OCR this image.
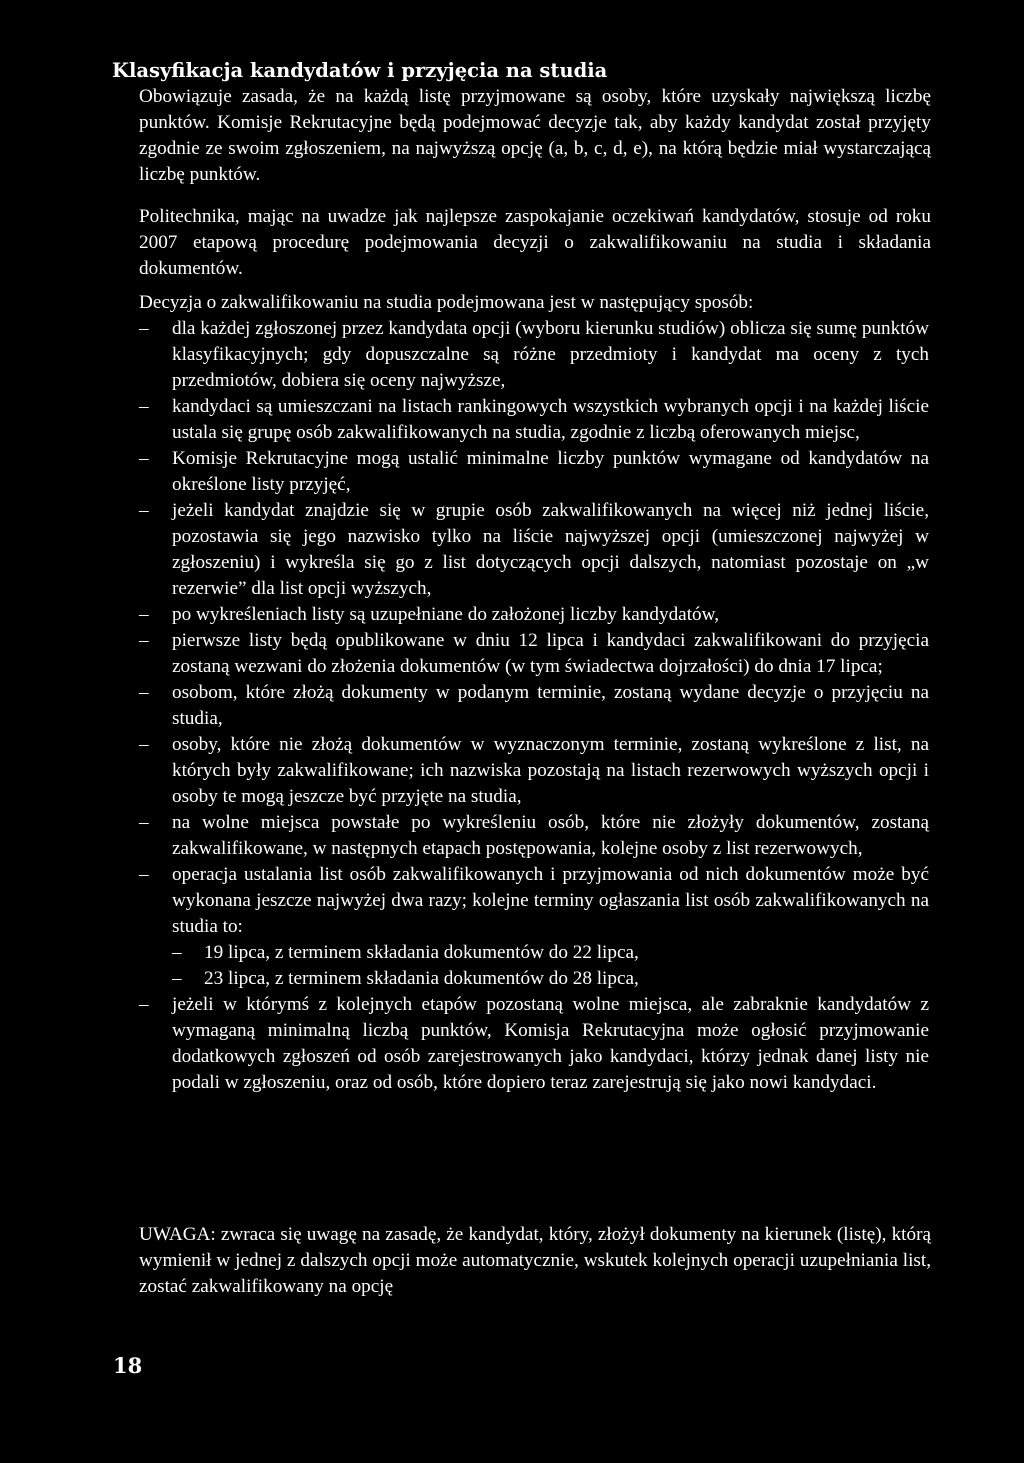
Klasyfikacja kandydatów i przyjęcia na studia

Obowiązuje zasada, że na każdą listę przyjmowane są osoby, które uzyskały największą liczbę punktów. Komisje Rekrutacyjne będą podejmować decyzje tak, aby każdy kandydat został przyjęty zgodnie ze swoim zgłoszeniem, na najwyższą opcję (a, b, c, d, e), na którą będzie miał wystarczającą liczbę punktów.

Politechnika, mając na uwadze jak najlepsze zaspokajanie oczekiwań kandydatów, stosuje od roku 2007 etapową procedurę podejmowania decyzji o zakwalifikowaniu na studia i składania dokumentów.

Decyzja o zakwalifikowaniu na studia podejmowana jest w następujący sposób:

– dla każdej zgłoszonej przez kandydata opcji (wyboru kierunku studiów) oblicza się sumę punktów klasyfikacyjnych; gdy dopuszczalne są różne przedmioty i kandydat ma oceny z tych przedmiotów, dobiera się oceny najwyższe,
– kandydaci są umieszczani na listach rankingowych wszystkich wybranych opcji i na każdej liście ustala się grupę osób zakwalifikowanych na studia, zgodnie z liczbą oferowanych miejsc,
– Komisje Rekrutacyjne mogą ustalić minimalne liczby punktów wymagane od kandydatów na określone listy przyjęć,
– jeżeli kandydat znajdzie się w grupie osób zakwalifikowanych na więcej niż jednej liście, pozostawia się jego nazwisko tylko na liście najwyższej opcji (umieszczonej najwyżej w zgłoszeniu) i wykreśla się go z list dotyczących opcji dalszych, natomiast pozostaje on „w rezerwie” dla list opcji wyższych,
– po wykreśleniach listy są uzupełniane do założonej liczby kandydatów,
– pierwsze listy będą opublikowane w dniu 12 lipca i kandydaci zakwalifikowani do przyjęcia zostaną wezwani do złożenia dokumentów (w tym świadectwa dojrzałości) do dnia 17 lipca;
– osobom, które złożą dokumenty w podanym terminie, zostaną wydane decyzje o przyjęciu na studia,
– osoby, które nie złożą dokumentów w wyznaczonym terminie, zostaną wykreślone z list, na których były zakwalifikowane; ich nazwiska pozostają na listach rezerwowych wyższych opcji i osoby te mogą jeszcze być przyjęte na studia,
– na wolne miejsca powstałe po wykreśleniu osób, które nie złożyły dokumentów, zostaną zakwalifikowane, w następnych etapach postępowania, kolejne osoby z list rezerwowych,
– operacja ustalania list osób zakwalifikowanych i przyjmowania od nich dokumentów może być wykonana jeszcze najwyżej dwa razy; kolejne terminy ogłaszania list osób zakwalifikowanych na studia to:
– 19 lipca, z terminem składania dokumentów do 22 lipca,
– 23 lipca, z terminem składania dokumentów do 28 lipca,
– jeżeli w którymś z kolejnych etapów pozostaną wolne miejsca, ale zabraknie kandydatów z wymaganą minimalną liczbą punktów, Komisja Rekrutacyjna może ogłosić przyjmowanie dodatkowych zgłoszeń od osób zarejestrowanych jako kandydaci, którzy jednak danej listy nie podali w zgłoszeniu, oraz od osób, które dopiero teraz zarejestrują się jako nowi kandydaci.

UWAGA: zwraca się uwagę na zasadę, że kandydat, który, złożył dokumenty na kierunek (listę), którą wymienił w jednej z dalszych opcji może automatycznie, wskutek kolejnych operacji uzupełniania list, zostać zakwalifikowany na opcję

18
